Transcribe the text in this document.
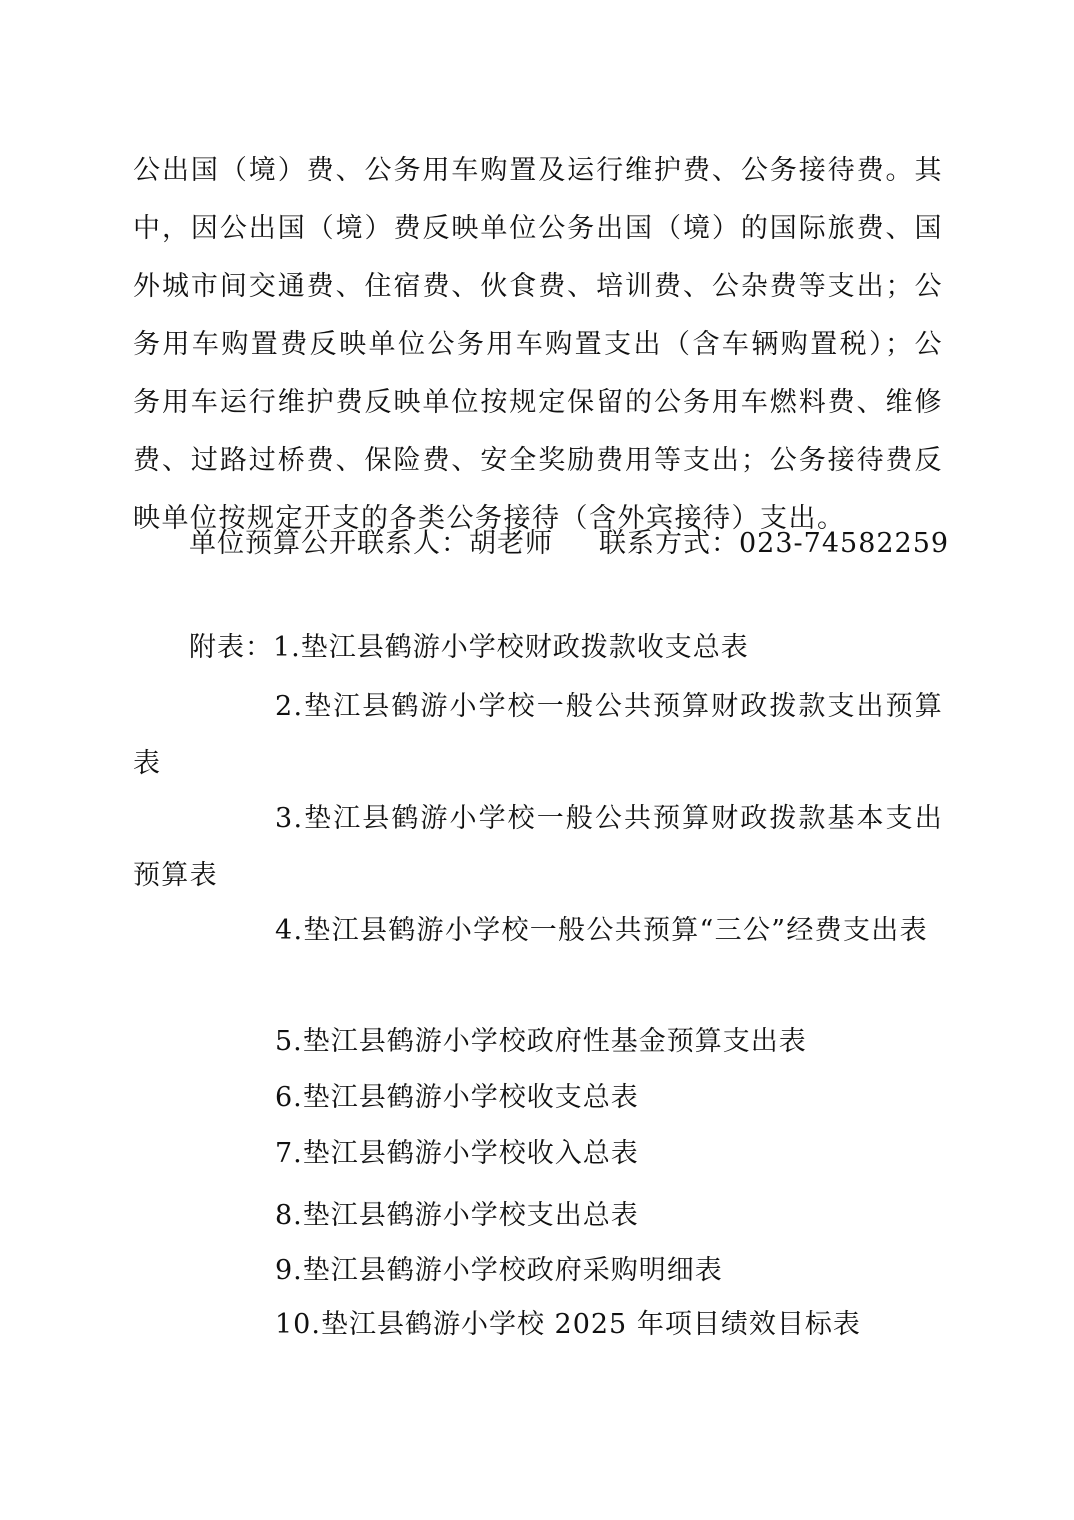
公出国（境）费、公务用车购置及运行维护费、公务接待费。其中，因公出国（境）费反映单位公务出国（境）的国际旅费、国外城市间交通费、住宿费、伙食费、培训费、公杂费等支出；公务用车购置费反映单位公务用车购置支出（含车辆购置税）；公务用车运行维护费反映单位按规定保留的公务用车燃料费、维修费、过路过桥费、保险费、安全奖励费用等支出；公务接待费反映单位按规定开支的各类公务接待（含外宾接待）支出。

单位预算公开联系人：胡老师 联系方式：023-74582259
附表：1.垫江县鹤游小学校财政拨款收支总表
2.垫江县鹤游小学校一般公共预算财政拨款支出预算表
3.垫江县鹤游小学校一般公共预算财政拨款基本支出预算表
4.垫江县鹤游小学校一般公共预算“三公”经费支出表
5.垫江县鹤游小学校政府性基金预算支出表
6.垫江县鹤游小学校收支总表
7.垫江县鹤游小学校收入总表
8.垫江县鹤游小学校支出总表
9.垫江县鹤游小学校政府采购明细表
10.垫江县鹤游小学校 2025 年项目绩效目标表
